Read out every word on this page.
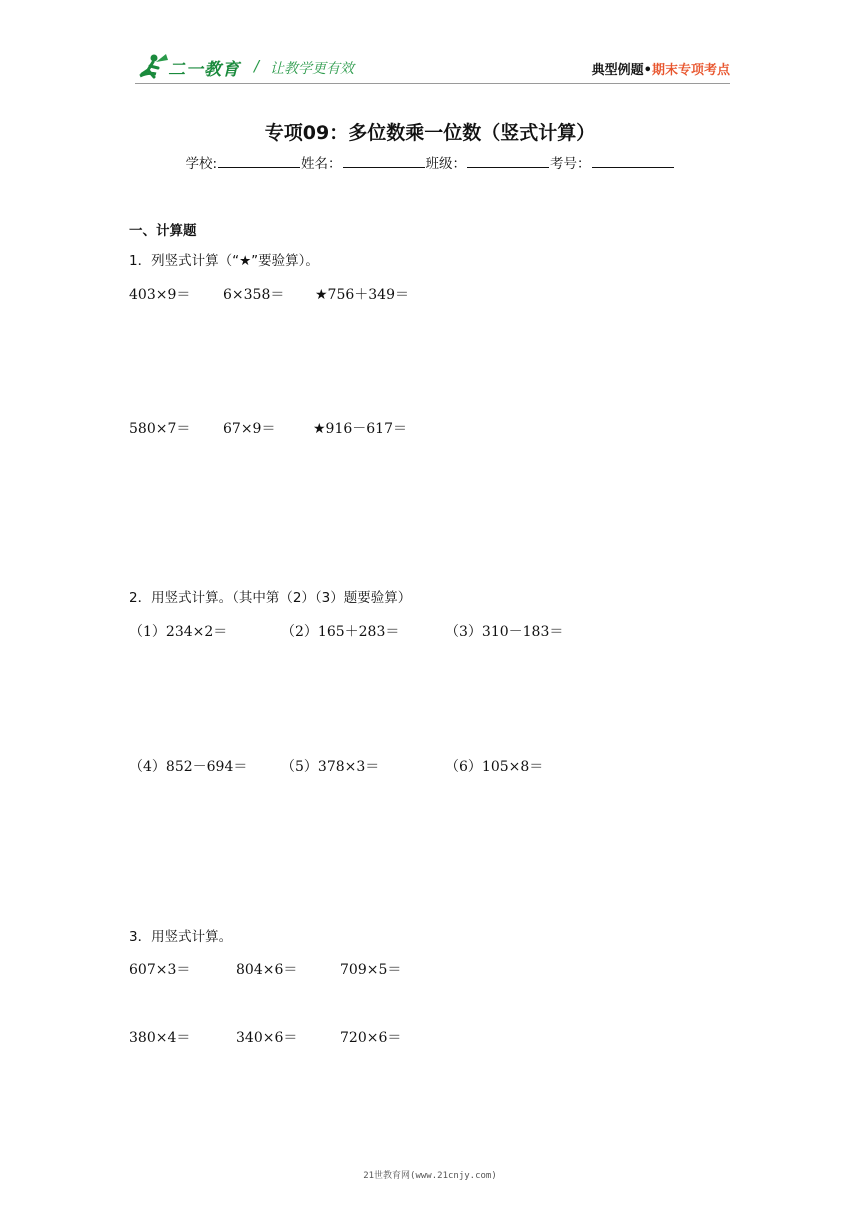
二一教育 / 让教学更有效	典型例题•期末专项考点
专项09：多位数乘一位数（竖式计算）
学校:	姓名：	班级：	考号：
一、计算题
1．列竖式计算（“★”要验算）。
403×9＝ 6×358＝ ★756＋349＝
580×7＝ 67×9＝	★916－617＝
2．用竖式计算。（其中第（2）（3）题要验算）
（1）234×2＝	（2）165＋283＝	（3）310－183＝
（4）852－694＝ （5）378×3＝	（6）105×8＝
3．用竖式计算。
607×3＝	804×6＝	709×5＝
380×4＝	340×6＝	720×6＝
21世教育网(www.21cnjy.com)
